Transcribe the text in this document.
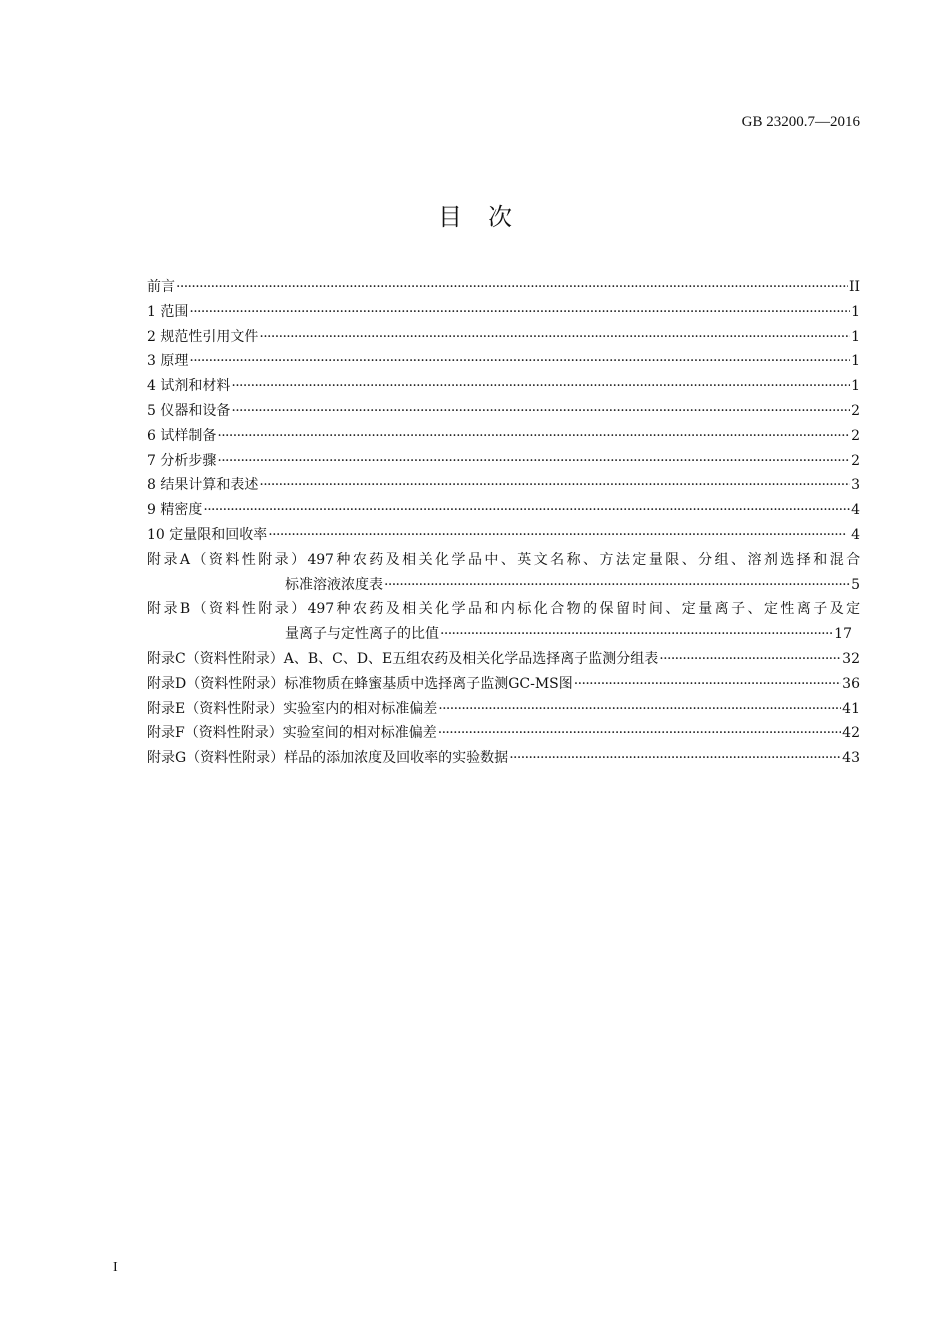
GB 23200.7—2016
目次
前言 ·····	II
1 范围 ·····	1
2 规范性引用文件 ·····	1
3 原理 ·····	1
4 试剂和材料 ·····	1
5 仪器和设备 ·····	2
6 试样制备 ·····	2
7 分析步骤 ·····	2
8 结果计算和表述 ·····	3
9 精密度 ·····	4
10 定量限和回收率 ·····	4
附录A（资料性附录）497种农药及相关化学品中、英文名称、方法定量限、分组、溶剂选择和混合
标准溶液浓度表 ·····	5
附录B（资料性附录）497种农药及相关化学品和内标化合物的保留时间、定量离子、定性离子及定
量离子与定性离子的比值 ·····	17
附录C（资料性附录）A、B、C、D、E五组农药及相关化学品选择离子监测分组表 ·····	32
附录D（资料性附录）标准物质在蜂蜜基质中选择离子监测GC-MS图 ·····	36
附录E（资料性附录）实验室内的相对标准偏差 ·····	41
附录F（资料性附录）实验室间的相对标准偏差 ·····	42
附录G（资料性附录）样品的添加浓度及回收率的实验数据 ·····	43
I
